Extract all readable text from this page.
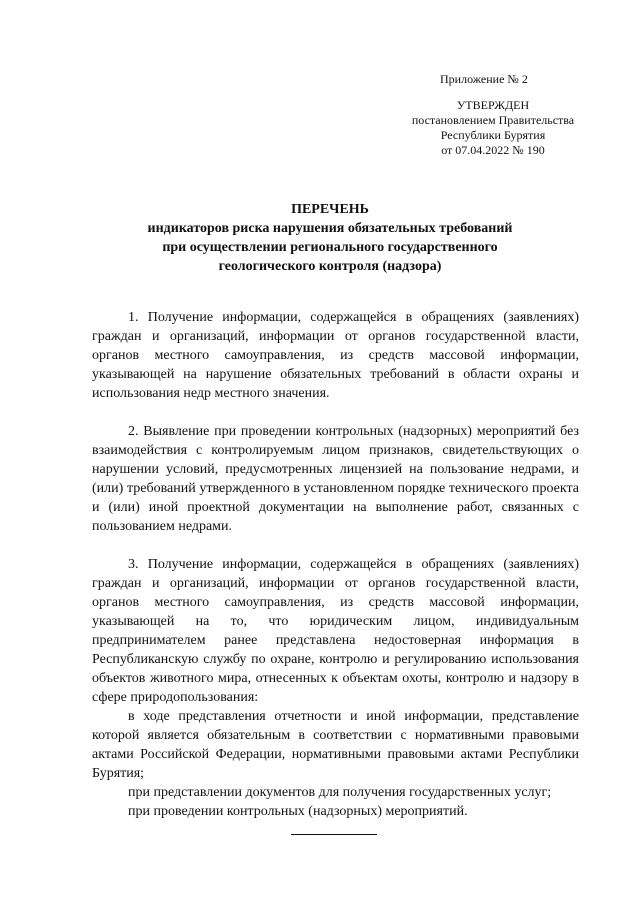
Приложение № 2
УТВЕРЖДЕН
постановлением Правительства
Республики Бурятия
от 07.04.2022 № 190
ПЕРЕЧЕНЬ
индикаторов риска нарушения обязательных требований
при осуществлении регионального государственного
геологического контроля (надзора)

1. Получение информации, содержащейся в обращениях (заявлениях) граждан и организаций, информации от органов государственной власти, органов местного самоуправления, из средств массовой информации, указывающей на нарушение обязательных требований в области охраны и использования недр местного значения.

2. Выявление при проведении контрольных (надзорных) мероприятий без взаимодействия с контролируемым лицом признаков, свидетельствующих о нарушении условий, предусмотренных лицензией на пользование недрами, и (или) требований утвержденного в установленном порядке технического проекта и (или) иной проектной документации на выполнение работ, связанных с пользованием недрами.

3. Получение информации, содержащейся в обращениях (заявлениях) граждан и организаций, информации от органов государственной власти, органов местного самоуправления, из средств массовой информации, указывающей на то, что юридическим лицом, индивидуальным предпринимателем ранее представлена недостоверная информация в Республиканскую службу по охране, контролю и регулированию использования объектов животного мира, отнесенных к объектам охоты, контролю и надзору в сфере природопользования:

в ходе представления отчетности и иной информации, представление которой является обязательным в соответствии с нормативными правовыми актами Российской Федерации, нормативными правовыми актами Республики Бурятия;

при представлении документов для получения государственных услуг;

при проведении контрольных (надзорных) мероприятий.
